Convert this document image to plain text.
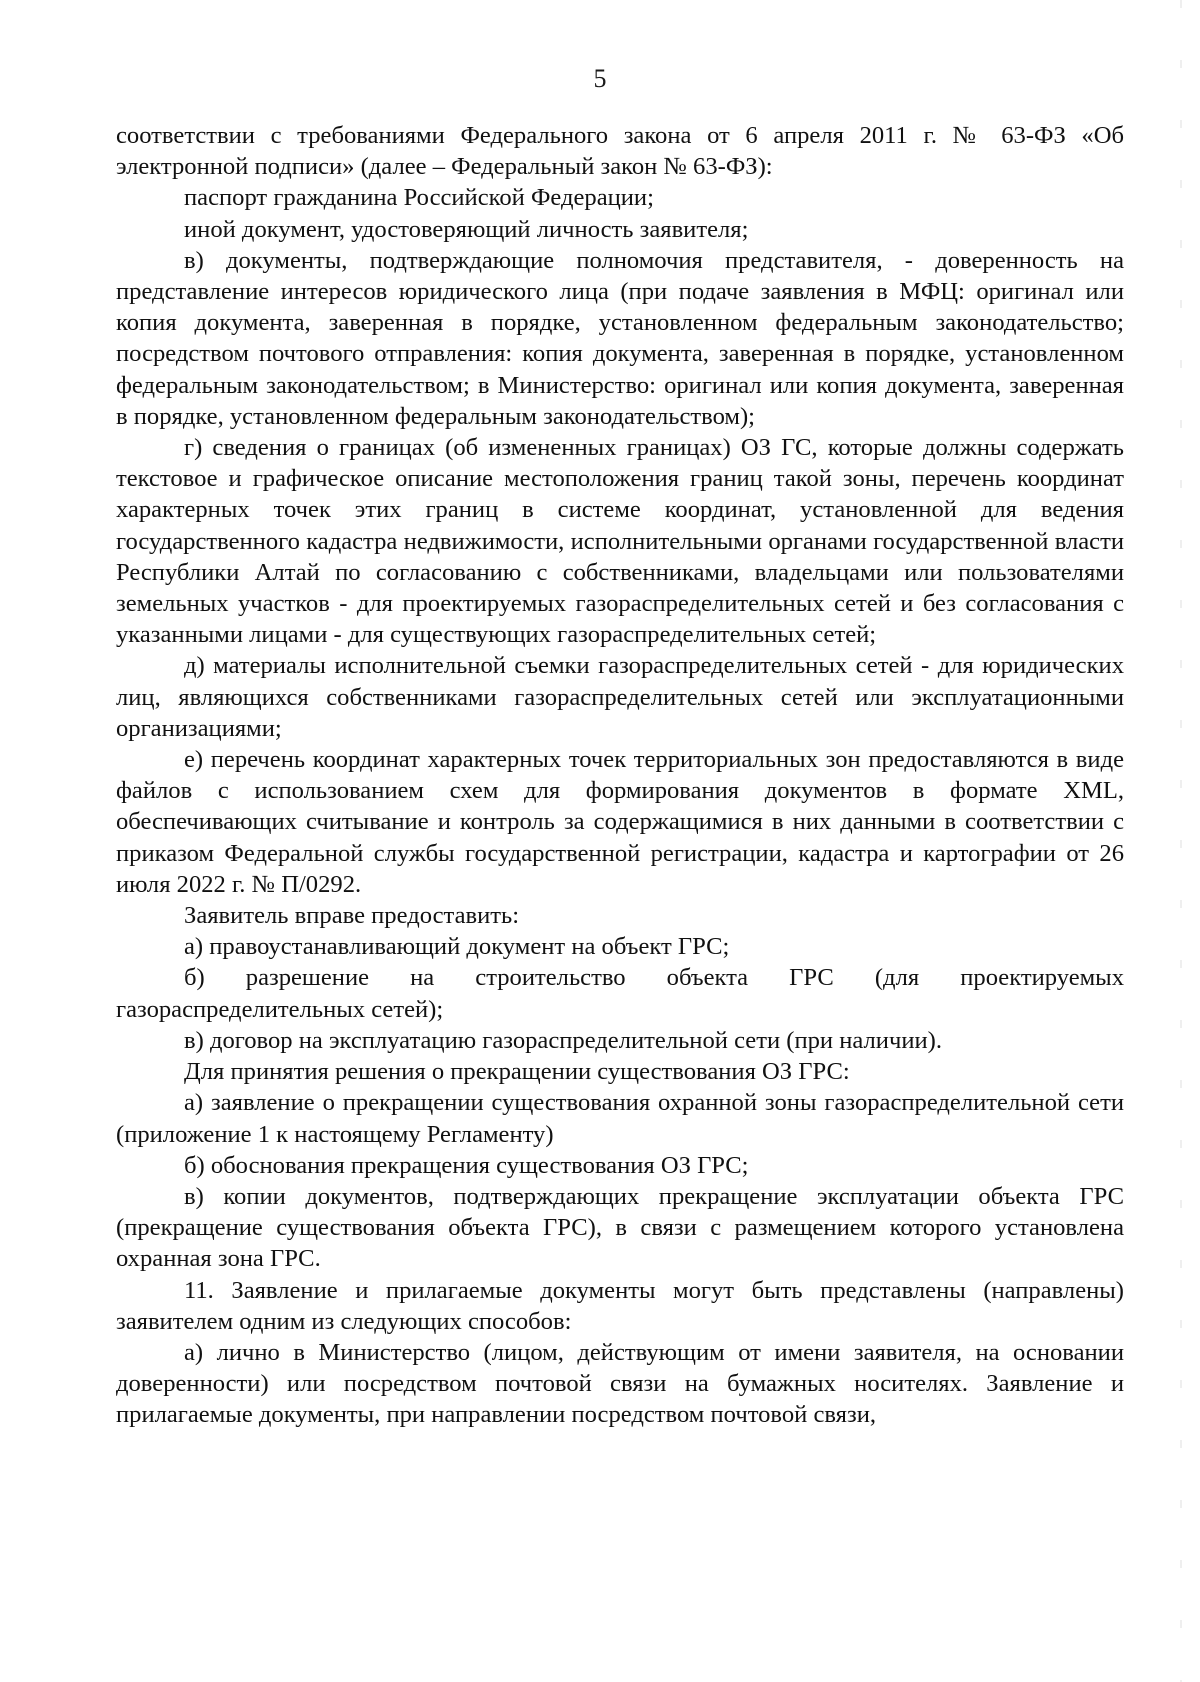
5

соответствии с требованиями Федерального закона от 6 апреля 2011 г. № 63-ФЗ «Об электронной подписи» (далее – Федеральный закон № 63-ФЗ):

паспорт гражданина Российской Федерации;

иной документ, удостоверяющий личность заявителя;

в) документы, подтверждающие полномочия представителя, - доверенность на представление интересов юридического лица (при подаче заявления в МФЦ: оригинал или копия документа, заверенная в порядке, установленном федеральным законодательство; посредством почтового отправления: копия документа, заверенная в порядке, установленном федеральным законодательством; в Министерство: оригинал или копия документа, заверенная в порядке, установленном федеральным законодательством);

г) сведения о границах (об измененных границах) ОЗ ГС, которые должны содержать текстовое и графическое описание местоположения границ такой зоны, перечень координат характерных точек этих границ в системе координат, установленной для ведения государственного кадастра недвижимости, исполнительными органами государственной власти Республики Алтай по согласованию с собственниками, владельцами или пользователями земельных участков - для проектируемых газораспределительных сетей и без согласования с указанными лицами - для существующих газораспределительных сетей;

д) материалы исполнительной съемки газораспределительных сетей - для юридических лиц, являющихся собственниками газораспределительных сетей или эксплуатационными организациями;

е) перечень координат характерных точек территориальных зон предоставляются в виде файлов с использованием схем для формирования документов в формате XML, обеспечивающих считывание и контроль за содержащимися в них данными в соответствии с приказом Федеральной службы государственной регистрации, кадастра и картографии от 26 июля 2022 г. № П/0292.

Заявитель вправе предоставить:

а) правоустанавливающий документ на объект ГРС;

б) разрешение на строительство объекта ГРС (для проектируемых газораспределительных сетей);

в) договор на эксплуатацию газораспределительной сети (при наличии).

Для принятия решения о прекращении существования ОЗ ГРС:

а) заявление о прекращении существования охранной зоны газораспределительной сети (приложение 1 к настоящему Регламенту)

б) обоснования прекращения существования ОЗ ГРС;

в) копии документов, подтверждающих прекращение эксплуатации объекта ГРС (прекращение существования объекта ГРС), в связи с размещением которого установлена охранная зона ГРС.

11. Заявление и прилагаемые документы могут быть представлены (направлены) заявителем одним из следующих способов:

а) лично в Министерство (лицом, действующим от имени заявителя, на основании доверенности) или посредством почтовой связи на бумажных носителях. Заявление и прилагаемые документы, при направлении посредством почтовой связи,
